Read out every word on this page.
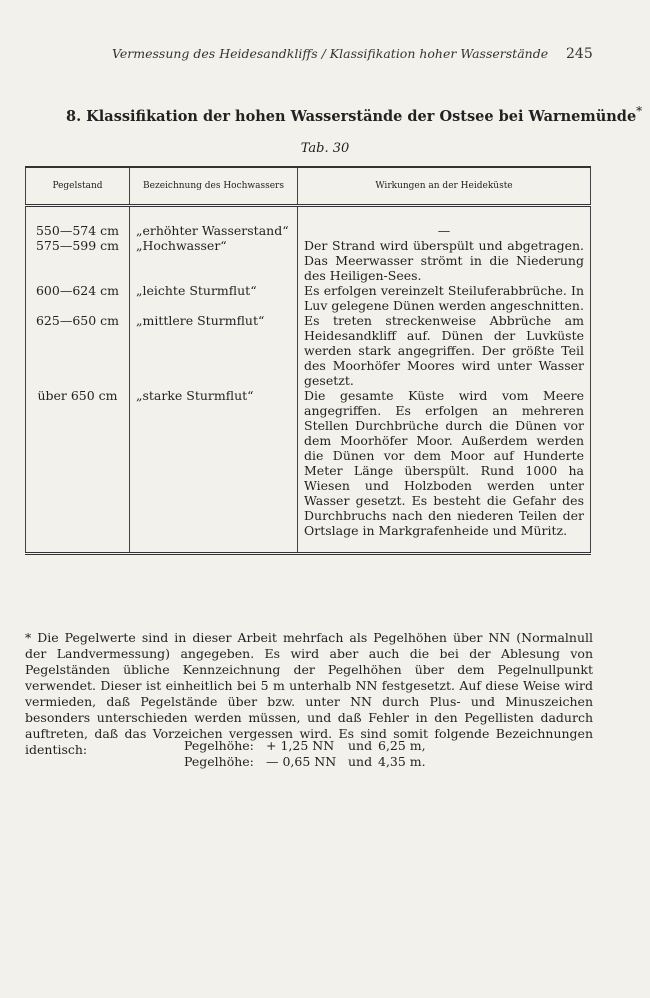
Vermessung des Heidesandkliffs / Klassifikation hoher Wasserstände 245
8. Klassifikation der hohen Wasserstände der Ostsee bei Warnemünde*
Tab. 30
Pegelstand	Bezeichnung des Hochwassers	Wirkungen an der Heideküste
550—574 cm	„erhöhter Wasserstand“	—
575—599 cm	„Hochwasser“	Der Strand wird überspült und abgetragen. Das Meerwasser strömt in die Niederung des Heiligen-Sees.
600—624 cm	„leichte Sturmflut“	Es erfolgen vereinzelt Steiluferabbrüche. In Luv gelegene Dünen werden angeschnitten.
625—650 cm	„mittlere Sturmflut“	Es treten streckenweise Abbrüche am Heidesandkliff auf. Dünen der Luvküste werden stark angegriffen. Der größte Teil des Moorhöfer Moores wird unter Wasser gesetzt.
über 650 cm	„starke Sturmflut“	Die gesamte Küste wird vom Meere angegriffen. Es erfolgen an mehreren Stellen Durchbrüche durch die Dünen vor dem Moorhöfer Moor. Außerdem werden die Dünen vor dem Moor auf Hunderte Meter Länge überspült. Rund 1000 ha Wiesen und Holzboden werden unter Wasser gesetzt. Es besteht die Gefahr des Durchbruchs nach den niederen Teilen der Ortslage in Markgrafenheide und Müritz.
* Die Pegelwerte sind in dieser Arbeit mehrfach als Pegelhöhen über NN (Normalnull der Landvermessung) angegeben. Es wird aber auch die bei der Ablesung von Pegelständen übliche Kennzeichnung der Pegelhöhen über dem Pegelnullpunkt verwendet. Dieser ist einheitlich bei 5 m unterhalb NN festgesetzt. Auf diese Weise wird vermieden, daß Pegelstände über bzw. unter NN durch Plus- und Minuszeichen besonders unterschieden werden müssen, und daß Fehler in den Pegellisten dadurch auftreten, daß das Vorzeichen vergessen wird. Es sind somit folgende Bezeichnungen identisch:	Pegelhöhe: + 1,25 NN und 6,25 m,
Pegelhöhe: — 0,65 NN und 4,35 m.
